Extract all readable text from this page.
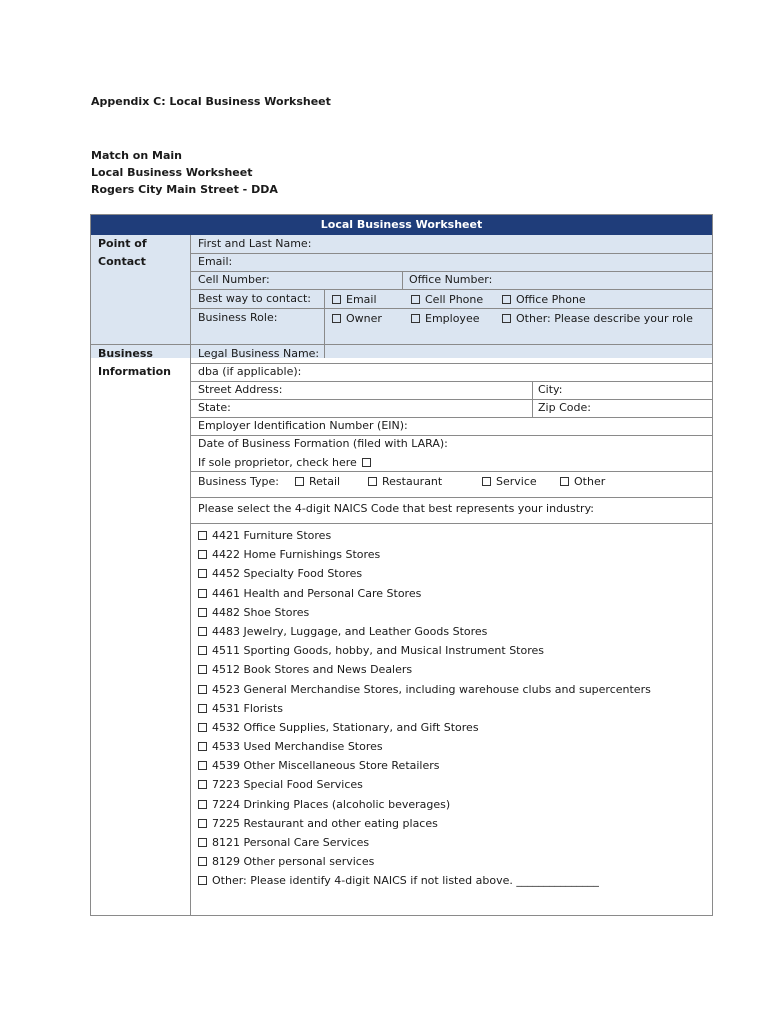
Appendix C: Local Business Worksheet
Match on Main
Local Business Worksheet
Rogers City Main Street - DDA
Local Business Worksheet
Point of
Contact
First and Last Name:
Email:
Cell Number:	Office Number:
Best way to contact:	Email	Cell Phone	Office Phone
Business Role:	Owner	Employee	Other: Please describe your role
Business
Information
Legal Business Name:
dba (if applicable):
Street Address:	City:
State:	Zip Code:
Employer Identification Number (EIN):
Date of Business Formation (filed with LARA):
If sole proprietor, check here
Business Type:	Retail	Restaurant	Service	Other
Please select the 4-digit NAICS Code that best represents your industry:
4421 Furniture Stores
4422 Home Furnishings Stores
4452 Specialty Food Stores
4461 Health and Personal Care Stores
4482 Shoe Stores
4483 Jewelry, Luggage, and Leather Goods Stores
4511 Sporting Goods, hobby, and Musical Instrument Stores
4512 Book Stores and News Dealers
4523 General Merchandise Stores, including warehouse clubs and supercenters
4531 Florists
4532 Office Supplies, Stationary, and Gift Stores
4533 Used Merchandise Stores
4539 Other Miscellaneous Store Retailers
7223 Special Food Services
7224 Drinking Places (alcoholic beverages)
7225 Restaurant and other eating places
8121 Personal Care Services
8129 Other personal services
Other: Please identify 4-digit NAICS if not listed above. _______________
